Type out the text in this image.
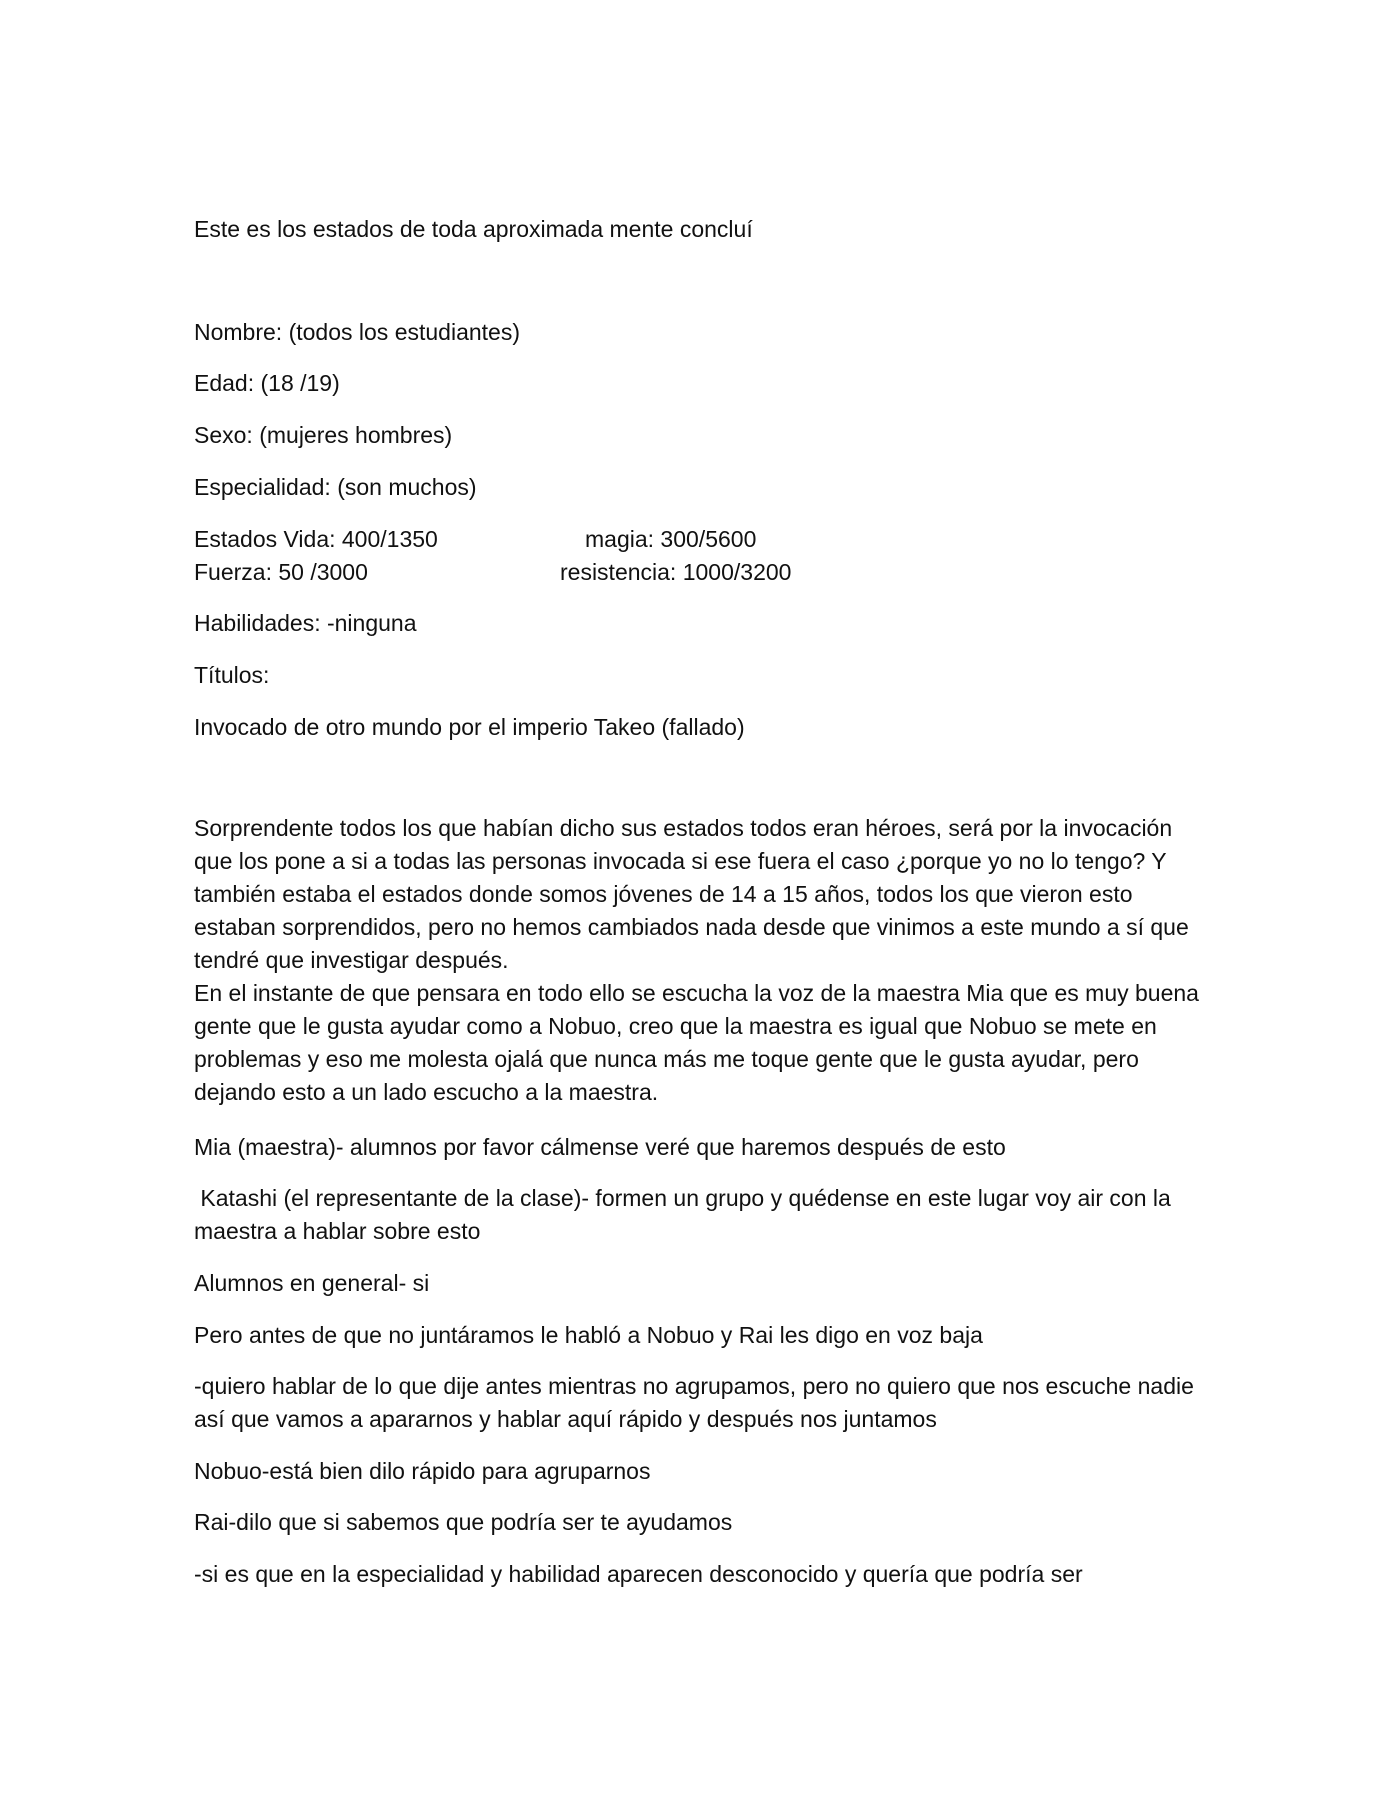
Este es los estados de toda aproximada mente concluí

Nombre: (todos los estudiantes)

Edad: (18 /19)

Sexo: (mujeres hombres)

Especialidad: (son muchos)

Estados Vida: 400/1350	magia: 300/5600

Fuerza: 50 /3000	resistencia: 1000/3200

Habilidades: -ninguna

Títulos:

Invocado de otro mundo por el imperio Takeo (fallado)

Sorprendente todos los que habían dicho sus estados todos eran héroes, será por la invocación que los pone a si a todas las personas invocada si ese fuera el caso ¿porque yo no lo tengo? Y también estaba el estados donde somos jóvenes de 14 a 15 años, todos los que vieron esto estaban sorprendidos, pero no hemos cambiados nada desde que vinimos a este mundo a sí que tendré que investigar después.

En el instante de que pensara en todo ello se escucha la voz de la maestra Mia que es muy buena gente que le gusta ayudar como a Nobuo, creo que la maestra es igual que Nobuo se mete en problemas y eso me molesta ojalá que nunca más me toque gente que le gusta ayudar, pero dejando esto a un lado escucho a la maestra.

Mia (maestra)- alumnos por favor cálmense veré que haremos después de esto

Katashi (el representante de la clase)- formen un grupo y quédense en este lugar voy air con la maestra a hablar sobre esto

Alumnos en general- si

Pero antes de que no juntáramos le habló a Nobuo y Rai les digo en voz baja

-quiero hablar de lo que dije antes mientras no agrupamos, pero no quiero que nos escuche nadie así que vamos a apararnos y hablar aquí rápido y después nos juntamos

Nobuo-está bien dilo rápido para agruparnos

Rai-dilo que si sabemos que podría ser te ayudamos

-si es que en la especialidad y habilidad aparecen desconocido y quería que podría ser
